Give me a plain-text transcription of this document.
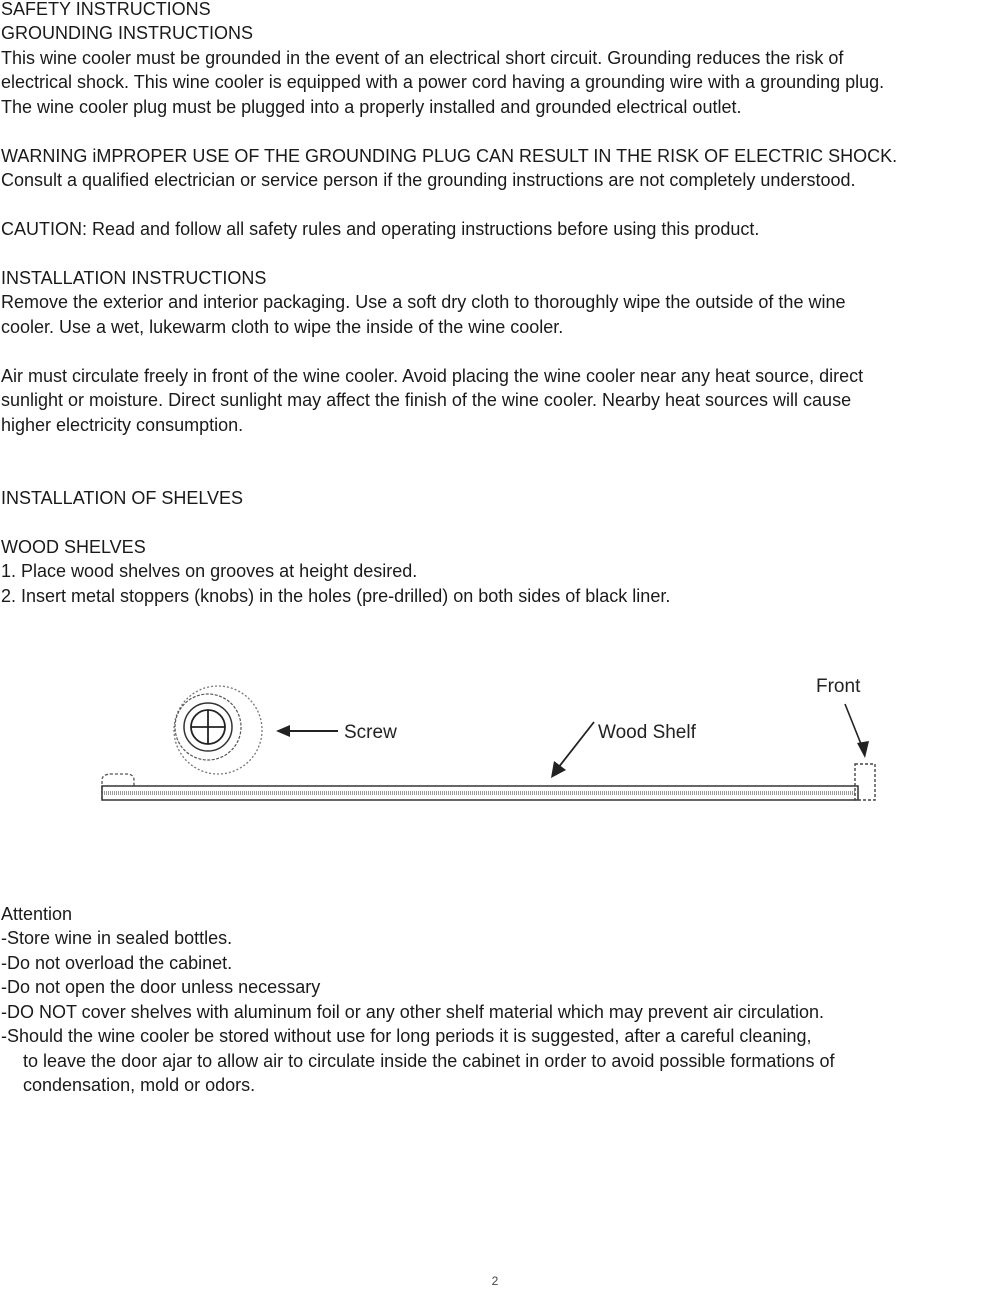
SAFETY INSTRUCTIONS

GROUNDING INSTRUCTIONS

This wine cooler must be grounded in the event of an electrical short circuit. Grounding reduces the risk of

electrical shock. This wine cooler is equipped with a power cord having a grounding wire with a grounding plug.

The wine cooler plug must be plugged into a properly installed and grounded electrical outlet.

WARNING iMPROPER USE OF THE GROUNDING PLUG CAN RESULT IN THE RISK OF ELECTRIC SHOCK.

Consult a qualified electrician or service person if the grounding instructions are not completely understood.

CAUTION: Read and follow all safety rules and operating instructions before using this product.

INSTALLATION INSTRUCTIONS

Remove the exterior and interior packaging. Use a soft dry cloth to thoroughly wipe the outside of the wine

cooler. Use a wet, lukewarm cloth to wipe the inside of the wine cooler.

Air must circulate freely in front of the wine cooler. Avoid placing the wine cooler near any heat source, direct

sunlight or moisture. Direct sunlight may affect the finish of the wine cooler. Nearby heat sources will cause

higher electricity consumption.

INSTALLATION OF SHELVES

WOOD SHELVES

1. Place wood shelves on grooves at height desired.

2. Insert metal stoppers (knobs) in the holes (pre-drilled) on both sides of black liner.

Screw	Wood Shelf
Front

Attention

-Store wine in sealed bottles.

-Do not overload the cabinet.

-Do not open the door unless necessary

-DO NOT cover shelves with aluminum foil or any other shelf material which may prevent air circulation.

-Should the wine cooler be stored without use for long periods it is suggested, after a careful cleaning,

to leave the door ajar to allow air to circulate inside the cabinet in order to avoid possible formations of

condensation, mold or odors.

2
